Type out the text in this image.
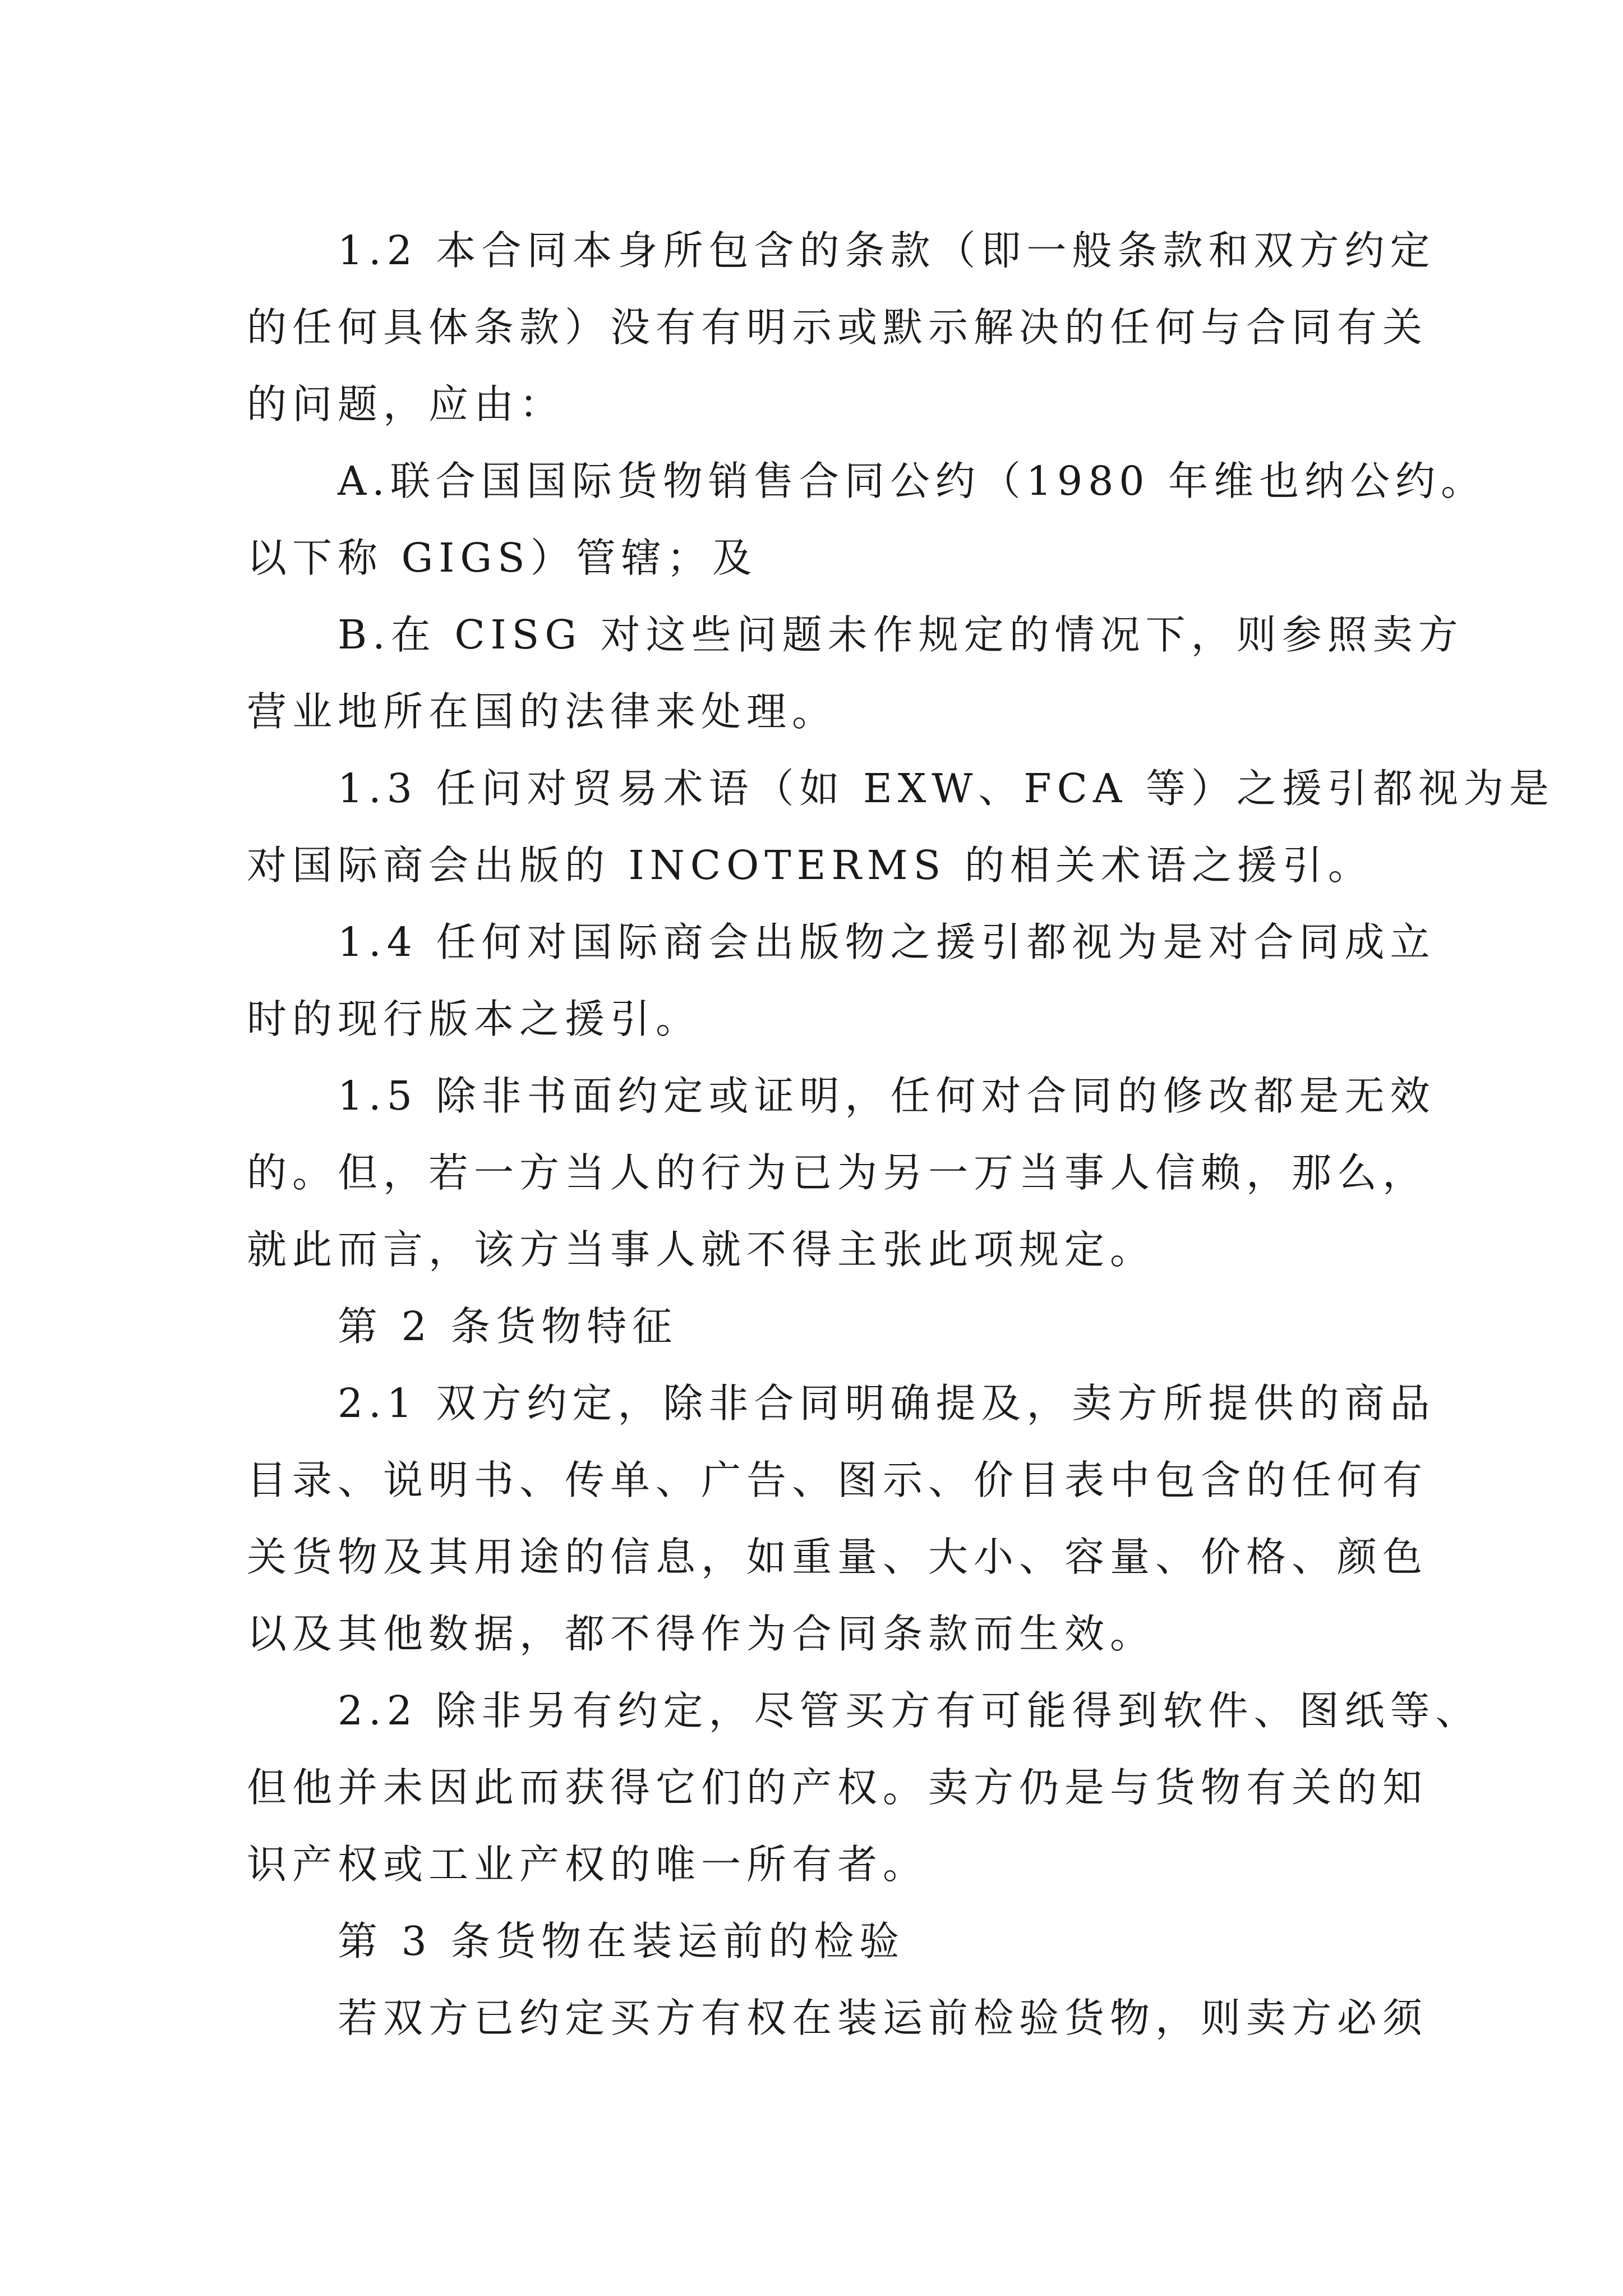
1.2 本合同本身所包含的条款（即一般条款和双方约定
的任何具体条款）没有有明示或默示解决的任何与合同有关
的问题，应由：

A.联合国国际货物销售合同公约（1980 年维也纳公约。
以下称 GIGS）管辖；及

B.在 CISG 对这些问题未作规定的情况下，则参照卖方
营业地所在国的法律来处理。

1.3 任问对贸易术语（如 EXW、FCA 等）之援引都视为是
对国际商会出版的 INCOTERMS 的相关术语之援引。

1.4 任何对国际商会出版物之援引都视为是对合同成立
时的现行版本之援引。

1.5 除非书面约定或证明，任何对合同的修改都是无效
的。但，若一方当人的行为已为另一万当事人信赖，那么，
就此而言，该方当事人就不得主张此项规定。

第 2 条货物特征

2.1 双方约定，除非合同明确提及，卖方所提供的商品
目录、说明书、传单、广告、图示、价目表中包含的任何有
关货物及其用途的信息，如重量、大小、容量、价格、颜色
以及其他数据，都不得作为合同条款而生效。

2.2 除非另有约定，尽管买方有可能得到软件、图纸等、
但他并未因此而获得它们的产权。卖方仍是与货物有关的知
识产权或工业产权的唯一所有者。

第 3 条货物在装运前的检验

若双方已约定买方有权在装运前检验货物，则卖方必须
